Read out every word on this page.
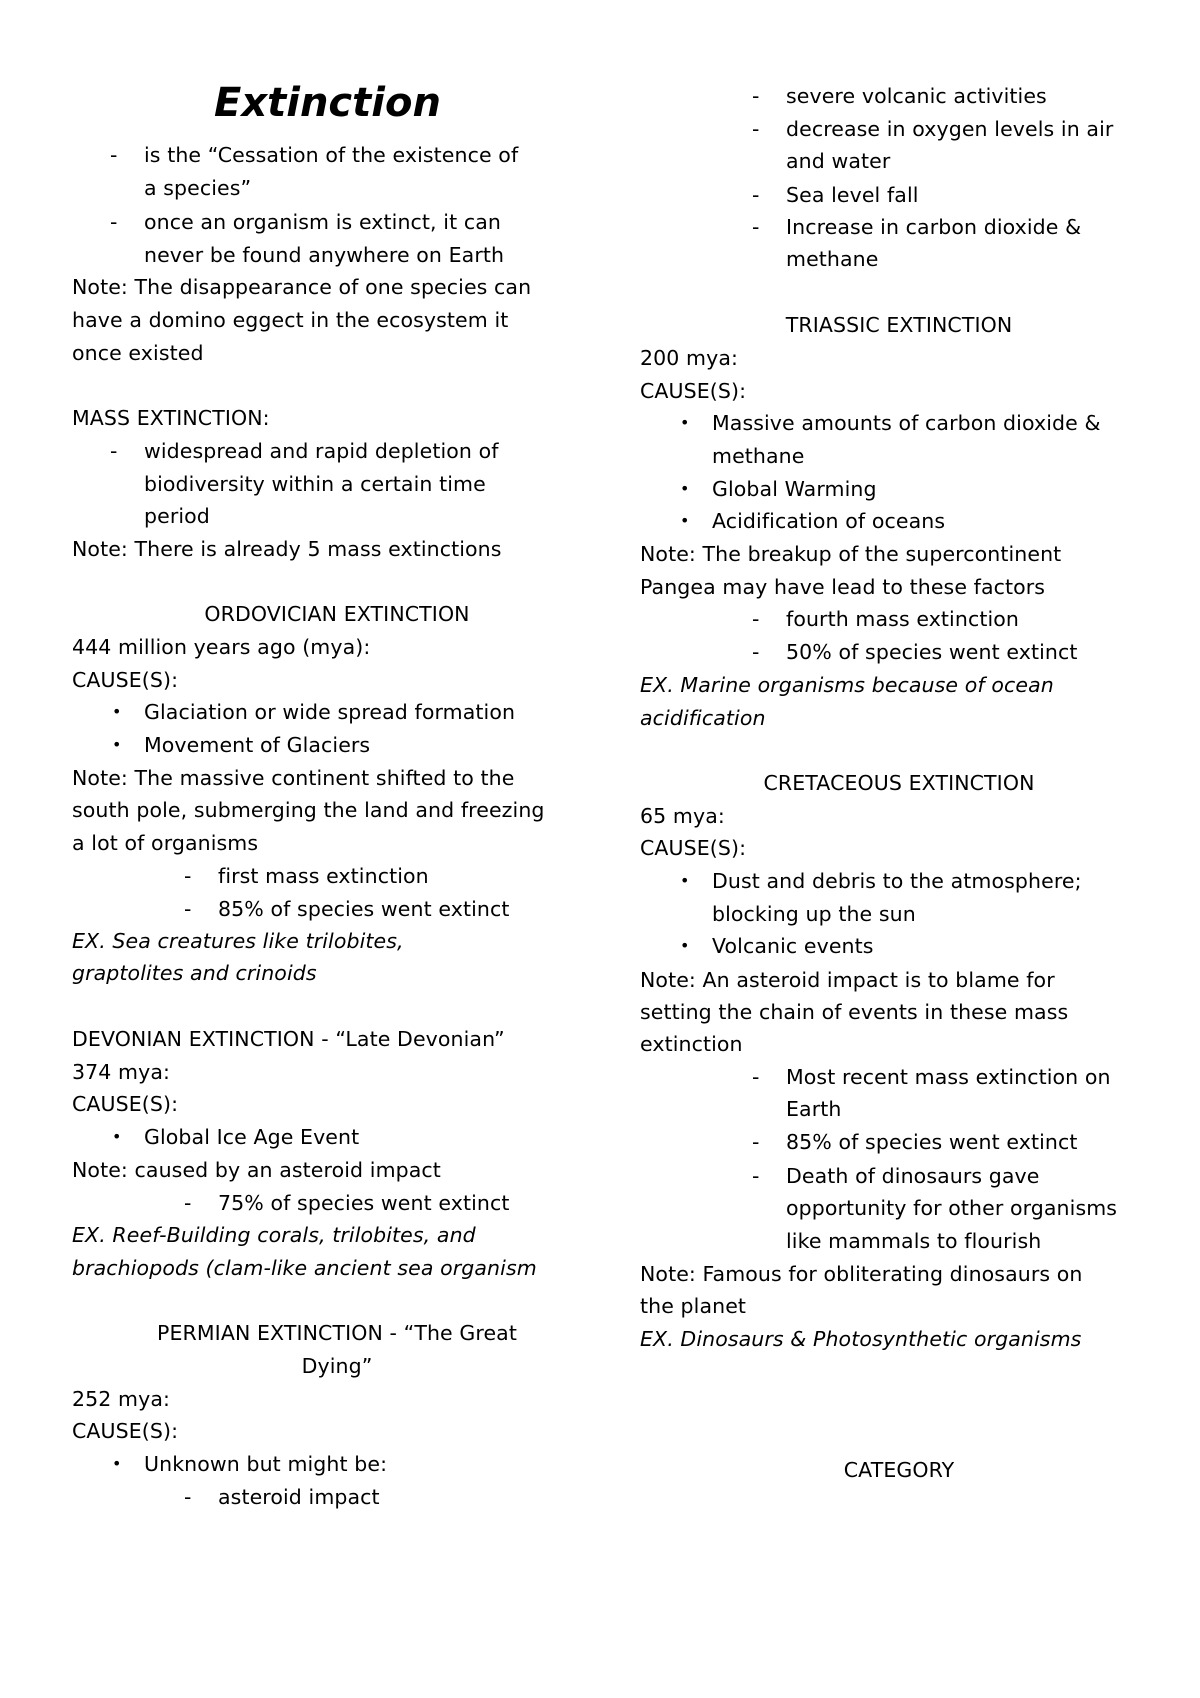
Extinction
- is the “Cessation of the existence of
a species”
- once an organism is extinct, it can
never be found anywhere on Earth
Note: The disappearance of one species can
have a domino eggect in the ecosystem it
once existed
MASS EXTINCTION:
- widespread and rapid depletion of
biodiversity within a certain time
period
Note: There is already 5 mass extinctions
ORDOVICIAN EXTINCTION
444 million years ago (mya):
CAUSE(S):
• Glaciation or wide spread formation
• Movement of Glaciers
Note: The massive continent shifted to the
south pole, submerging the land and freezing
a lot of organisms
- first mass extinction
- 85% of species went extinct
EX. Sea creatures like trilobites,
graptolites and crinoids
DEVONIAN EXTINCTION - “Late Devonian”
374 mya:
CAUSE(S):
• Global Ice Age Event
Note: caused by an asteroid impact
- 75% of species went extinct
EX. Reef-Building corals, trilobites, and
brachiopods (clam-like ancient sea organism
PERMIAN EXTINCTION - “The Great
Dying”
252 mya:
CAUSE(S):
• Unknown but might be:
- asteroid impact
- severe volcanic activities
- decrease in oxygen levels in air
and water
- Sea level fall
- Increase in carbon dioxide &
methane
TRIASSIC EXTINCTION
200 mya:
CAUSE(S):
• Massive amounts of carbon dioxide &
methane
• Global Warming
• Acidification of oceans
Note: The breakup of the supercontinent
Pangea may have lead to these factors
- fourth mass extinction
- 50% of species went extinct
EX. Marine organisms because of ocean
acidification
CRETACEOUS EXTINCTION
65 mya:
CAUSE(S):
• Dust and debris to the atmosphere;
blocking up the sun
• Volcanic events
Note: An asteroid impact is to blame for
setting the chain of events in these mass
extinction
- Most recent mass extinction on
Earth
- 85% of species went extinct
- Death of dinosaurs gave
opportunity for other organisms
like mammals to flourish
Note: Famous for obliterating dinosaurs on
the planet
EX. Dinosaurs & Photosynthetic organisms
CATEGORY
